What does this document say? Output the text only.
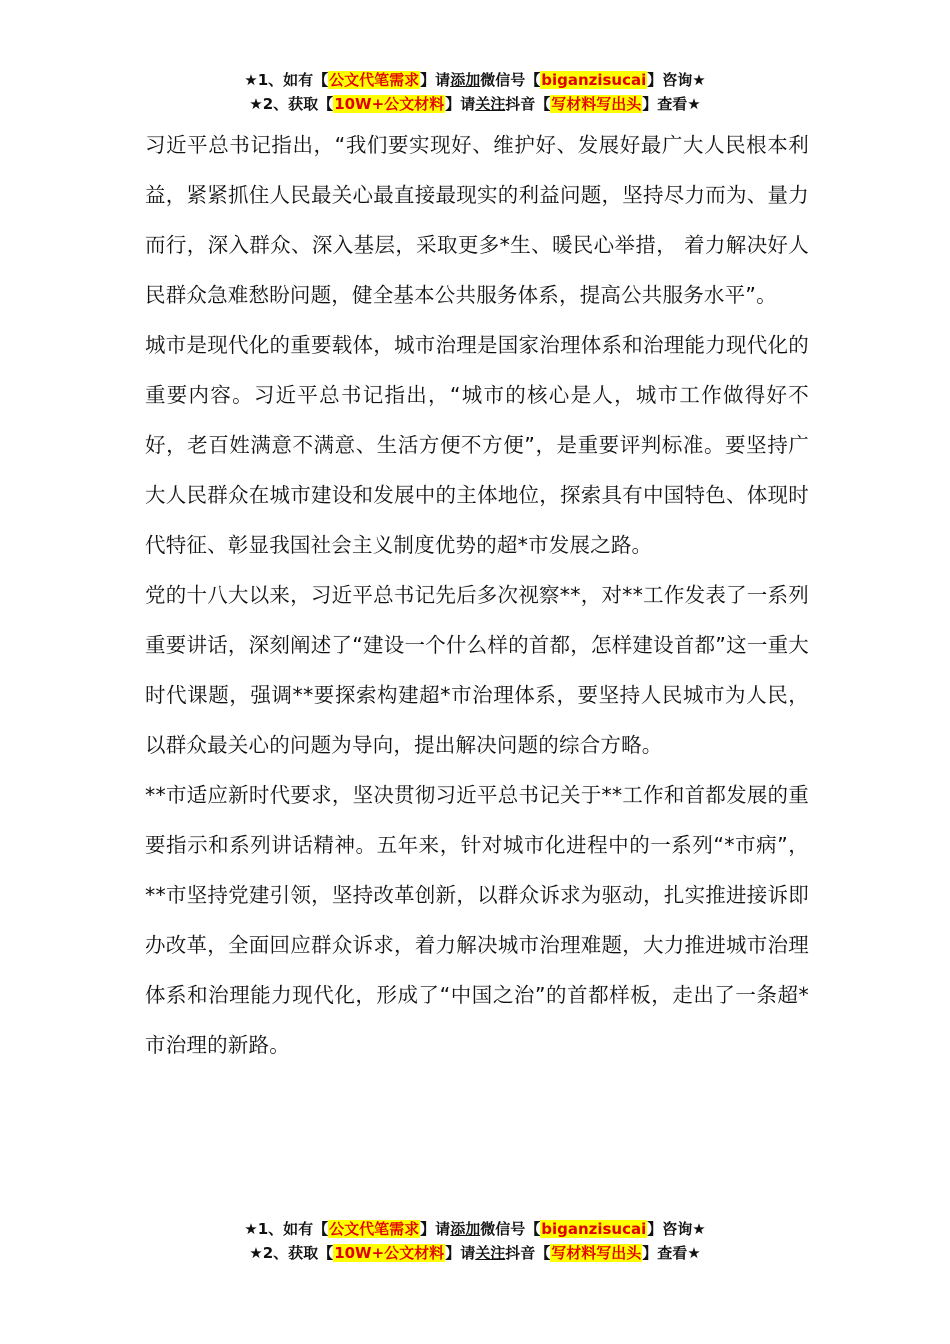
★1、如有【公文代笔需求】请添加微信号【biganzisucai】咨询★
★2、获取【10W+公文材料】请关注抖音【写材料写出头】查看★

习近平总书记指出，“我们要实现好、维护好、发展好最广大人民根本利益，紧紧抓住人民最关心最直接最现实的利益问题，坚持尽力而为、量力而行，深入群众、深入基层，采取更多*生、暖民心举措， 着力解决好人民群众急难愁盼问题，健全基本公共服务体系，提高公共服务水平”。

城市是现代化的重要载体，城市治理是国家治理体系和治理能力现代化的重要内容。习近平总书记指出，“城市的核心是人，城市工作做得好不好，老百姓满意不满意、生活方便不方便”，是重要评判标准。要坚持广大人民群众在城市建设和发展中的主体地位，探索具有中国特色、体现时代特征、彰显我国社会主义制度优势的超*市发展之路。

党的十八大以来，习近平总书记先后多次视察**，对**工作发表了一系列重要讲话，深刻阐述了“建设一个什么样的首都，怎样建设首都”这一重大时代课题，强调**要探索构建超*市治理体系，要坚持人民城市为人民， 以群众最关心的问题为导向，提出解决问题的综合方略。

**市适应新时代要求，坚决贯彻习近平总书记关于**工作和首都发展的重要指示和系列讲话精神。五年来，针对城市化进程中的一系列“*市病”， **市坚持党建引领，坚持改革创新，以群众诉求为驱动，扎实推进接诉即办改革，全面回应群众诉求，着力解决城市治理难题，大力推进城市治理体系和治理能力现代化，形成了“中国之治”的首都样板，走出了一条超*市治理的新路。

★1、如有【公文代笔需求】请添加微信号【biganzisucai】咨询★
★2、获取【10W+公文材料】请关注抖音【写材料写出头】查看★
